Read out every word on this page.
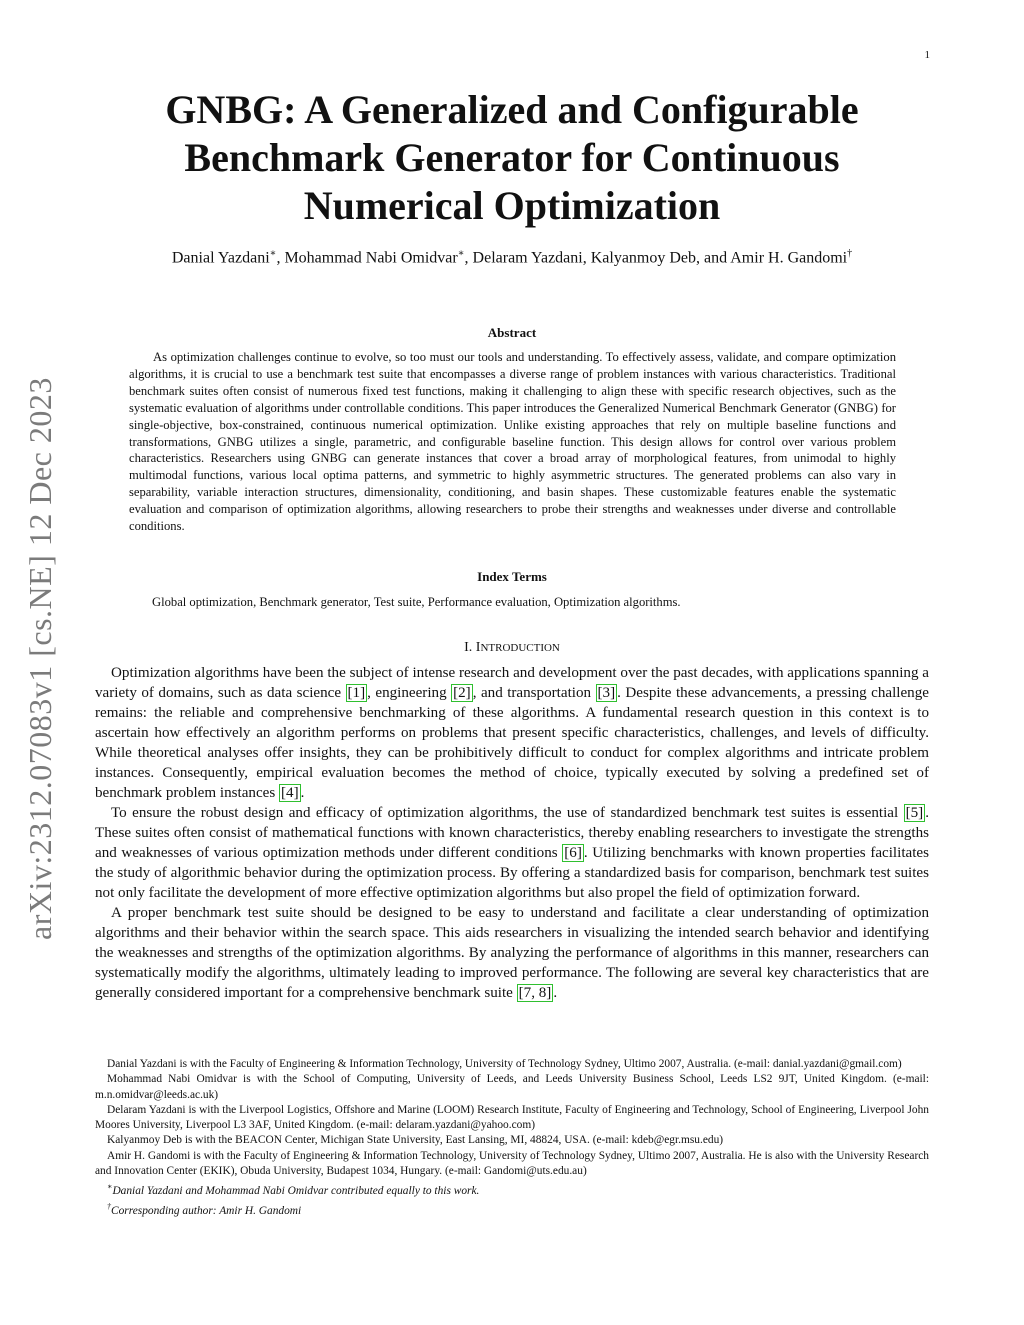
1
arXiv:2312.07083v1 [cs.NE] 12 Dec 2023
GNBG: A Generalized and Configurable
Benchmark Generator for Continuous
Numerical Optimization
Danial Yazdani∗, Mohammad Nabi Omidvar∗, Delaram Yazdani, Kalyanmoy Deb, and Amir H. Gandomi†
Abstract

As optimization challenges continue to evolve, so too must our tools and understanding. To effectively assess, validate, and compare optimization algorithms, it is crucial to use a benchmark test suite that encompasses a diverse range of problem instances with various characteristics. Traditional benchmark suites often consist of numerous fixed test functions, making it challenging to align these with specific research objectives, such as the systematic evaluation of algorithms under controllable conditions. This paper introduces the Generalized Numerical Benchmark Generator (GNBG) for single-objective, box-constrained, continuous numerical optimization. Unlike existing approaches that rely on multiple baseline functions and transformations, GNBG utilizes a single, parametric, and configurable baseline function. This design allows for control over various problem characteristics. Researchers using GNBG can generate instances that cover a broad array of morphological features, from unimodal to highly multimodal functions, various local optima patterns, and symmetric to highly asymmetric structures. The generated problems can also vary in separability, variable interaction structures, dimensionality, conditioning, and basin shapes. These customizable features enable the systematic evaluation and comparison of optimization algorithms, allowing researchers to probe their strengths and weaknesses under diverse and controllable conditions.

Index Terms
Global optimization, Benchmark generator, Test suite, Performance evaluation, Optimization algorithms.
I. INTRODUCTION

Optimization algorithms have been the subject of intense research and development over the past decades, with applications spanning a variety of domains, such as data science [1] , engineering [2] , and transportation [3] . Despite these advancements, a pressing challenge remains: the reliable and comprehensive benchmarking of these algorithms. A fundamental research question in this context is to ascertain how effectively an algorithm performs on problems that present specific characteristics, challenges, and levels of difficulty. While theoretical analyses offer insights, they can be prohibitively difficult to conduct for complex algorithms and intricate problem instances. Consequently, empirical evaluation becomes the method of choice, typically executed by solving a predefined set of benchmark problem instances [4] .

To ensure the robust design and efficacy of optimization algorithms, the use of standardized benchmark test suites is essential [5] . These suites often consist of mathematical functions with known characteristics, thereby enabling researchers to investigate the strengths and weaknesses of various optimization methods under different conditions [6] . Utilizing benchmarks with known properties facilitates the study of algorithmic behavior during the optimization process. By offering a standardized basis for comparison, benchmark test suites not only facilitate the development of more effective optimization algorithms but also propel the field of optimization forward.

A proper benchmark test suite should be designed to be easy to understand and facilitate a clear understanding of optimization algorithms and their behavior within the search space. This aids researchers in visualizing the intended search behavior and identifying the weaknesses and strengths of the optimization algorithms. By analyzing the performance of algorithms in this manner, researchers can systematically modify the algorithms, ultimately leading to improved performance. The following are several key characteristics that are generally considered important for a comprehensive benchmark suite [7, 8] .

Danial Yazdani is with the Faculty of Engineering & Information Technology, University of Technology Sydney, Ultimo 2007, Australia. (e-mail: danial.yazdani@gmail.com)

Mohammad Nabi Omidvar is with the School of Computing, University of Leeds, and Leeds University Business School, Leeds LS2 9JT, United Kingdom. (e-mail: m.n.omidvar@leeds.ac.uk)

Delaram Yazdani is with the Liverpool Logistics, Offshore and Marine (LOOM) Research Institute, Faculty of Engineering and Technology, School of Engineering, Liverpool John Moores University, Liverpool L3 3AF, United Kingdom. (e-mail: delaram.yazdani@yahoo.com)

Kalyanmoy Deb is with the BEACON Center, Michigan State University, East Lansing, MI, 48824, USA. (e-mail: kdeb@egr.msu.edu)

Amir H. Gandomi is with the Faculty of Engineering & Information Technology, University of Technology Sydney, Ultimo 2007, Australia. He is also with the University Research and Innovation Center (EKIK), Obuda University, Budapest 1034, Hungary. (e-mail: Gandomi@uts.edu.au)

∗Danial Yazdani and Mohammad Nabi Omidvar contributed equally to this work.

†Corresponding author: Amir H. Gandomi
